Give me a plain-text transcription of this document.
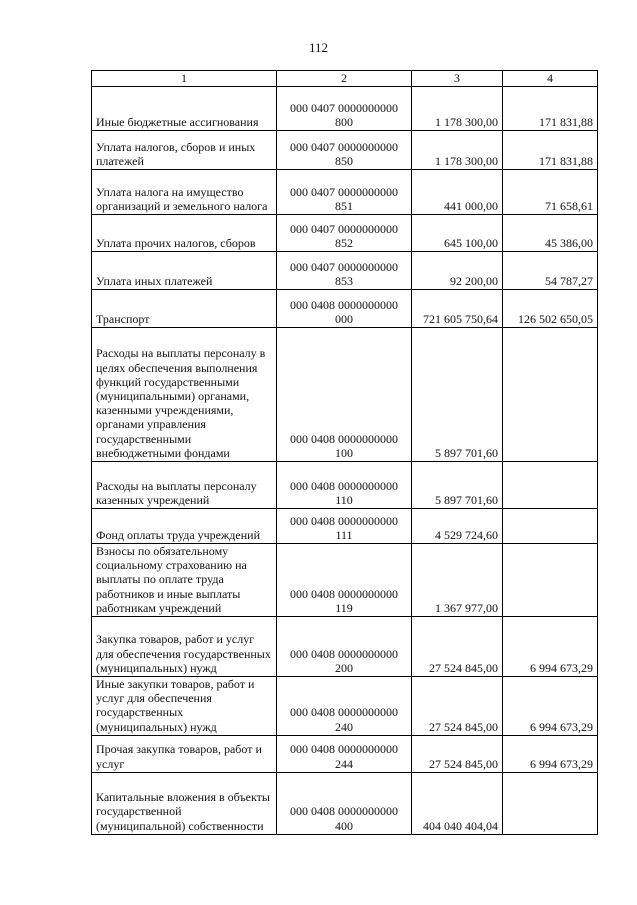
112
1	2	3	4
Иные бюджетные ассигнования	000 0407 0000000000 800	1 178 300,00	171 831,88
Уплата налогов, сборов и иных платежей	000 0407 0000000000 850	1 178 300,00	171 831,88
Уплата налога на имущество организаций и земельного налога	000 0407 0000000000 851	441 000,00	71 658,61
Уплата прочих налогов, сборов	000 0407 0000000000 852	645 100,00	45 386,00
Уплата иных платежей	000 0407 0000000000 853	92 200,00	54 787,27
Транспорт	000 0408 0000000000 000	721 605 750,64	126 502 650,05
Расходы на выплаты персоналу в целях обеспечения выполнения функций государственными (муниципальными) органами, казенными учреждениями, органами управления государственными внебюджетными фондами	000 0408 0000000000 100	5 897 701,60	
Расходы на выплаты персоналу казенных учреждений	000 0408 0000000000 110	5 897 701,60	
Фонд оплаты труда учреждений	000 0408 0000000000 111	4 529 724,60	
Взносы по обязательному социальному страхованию на выплаты по оплате труда работников и иные выплаты работникам учреждений	000 0408 0000000000 119	1 367 977,00	
Закупка товаров, работ и услуг для обеспечения государственных (муниципальных) нужд	000 0408 0000000000 200	27 524 845,00	6 994 673,29
Иные закупки товаров, работ и услуг для обеспечения государственных (муниципальных) нужд	000 0408 0000000000 240	27 524 845,00	6 994 673,29
Прочая закупка товаров, работ и услуг	000 0408 0000000000 244	27 524 845,00	6 994 673,29
Капитальные вложения в объекты государственной (муниципальной) собственности	000 0408 0000000000 400	404 040 404,04	
